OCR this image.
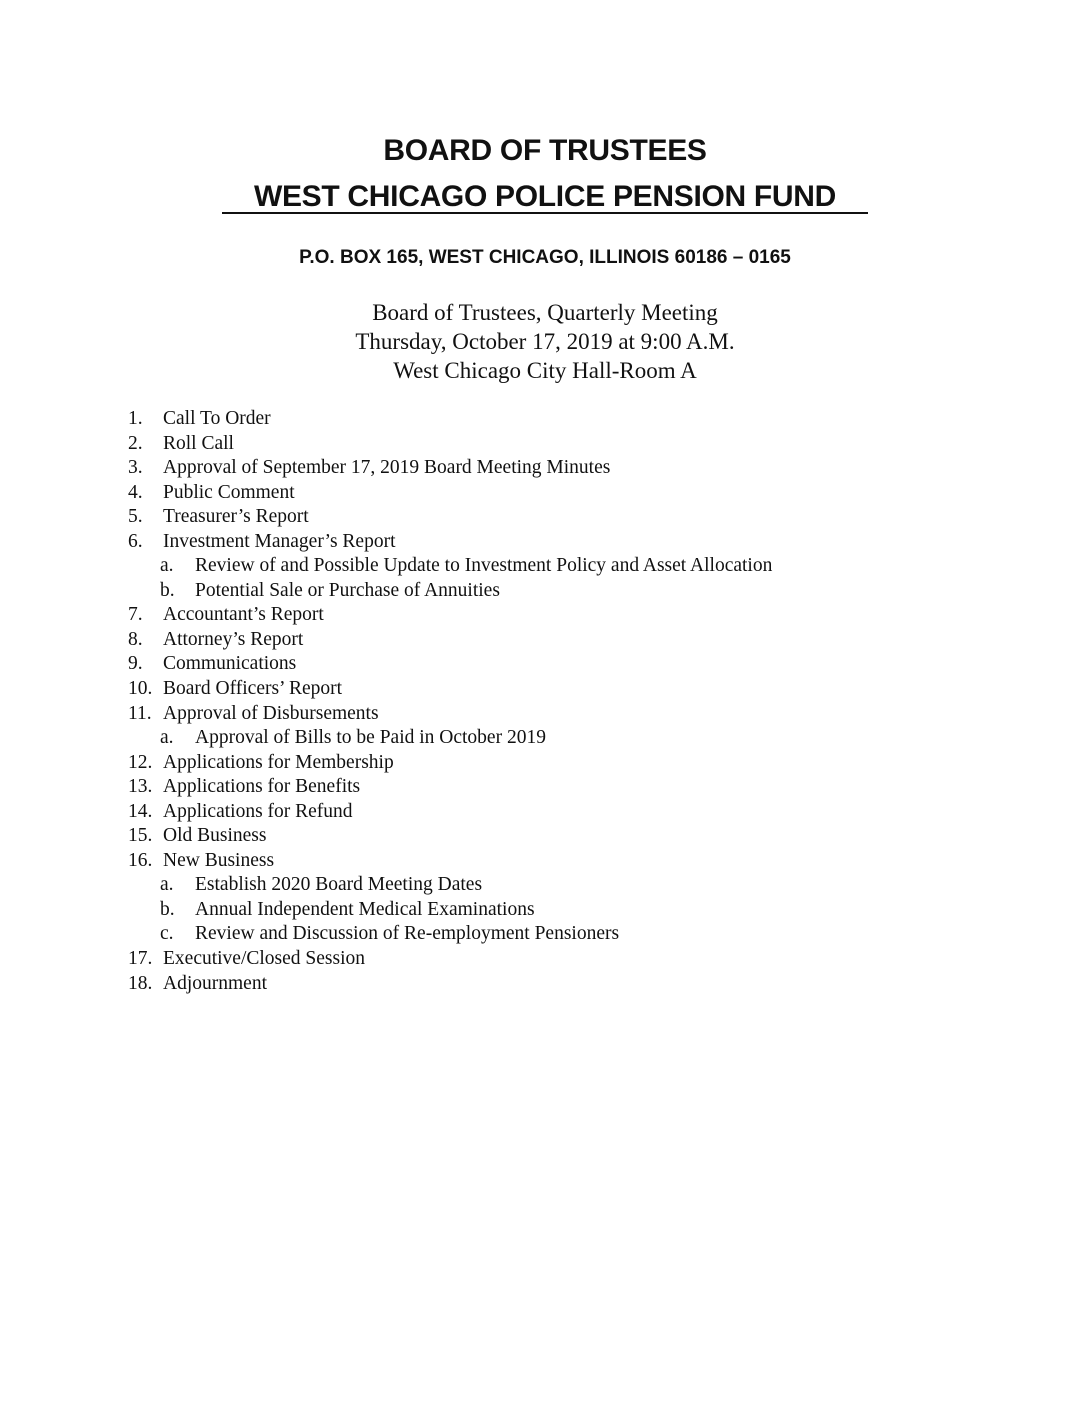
BOARD OF TRUSTEES
WEST CHICAGO POLICE PENSION FUND
P.O. BOX 165, WEST CHICAGO, ILLINOIS 60186 – 0165
Board of Trustees, Quarterly Meeting
Thursday, October 17, 2019 at 9:00 A.M.
West Chicago City Hall-Room A
1. Call To Order
2. Roll Call
3. Approval of September 17, 2019 Board Meeting Minutes
4. Public Comment
5. Treasurer’s Report
6. Investment Manager’s Report
a. Review of and Possible Update to Investment Policy and Asset Allocation
b. Potential Sale or Purchase of Annuities
7. Accountant’s Report
8. Attorney’s Report
9. Communications
10. Board Officers’ Report
11. Approval of Disbursements
a. Approval of Bills to be Paid in October 2019
12. Applications for Membership
13. Applications for Benefits
14. Applications for Refund
15. Old Business
16. New Business
a. Establish 2020 Board Meeting Dates
b. Annual Independent Medical Examinations
c. Review and Discussion of Re-employment Pensioners
17. Executive/Closed Session
18. Adjournment
